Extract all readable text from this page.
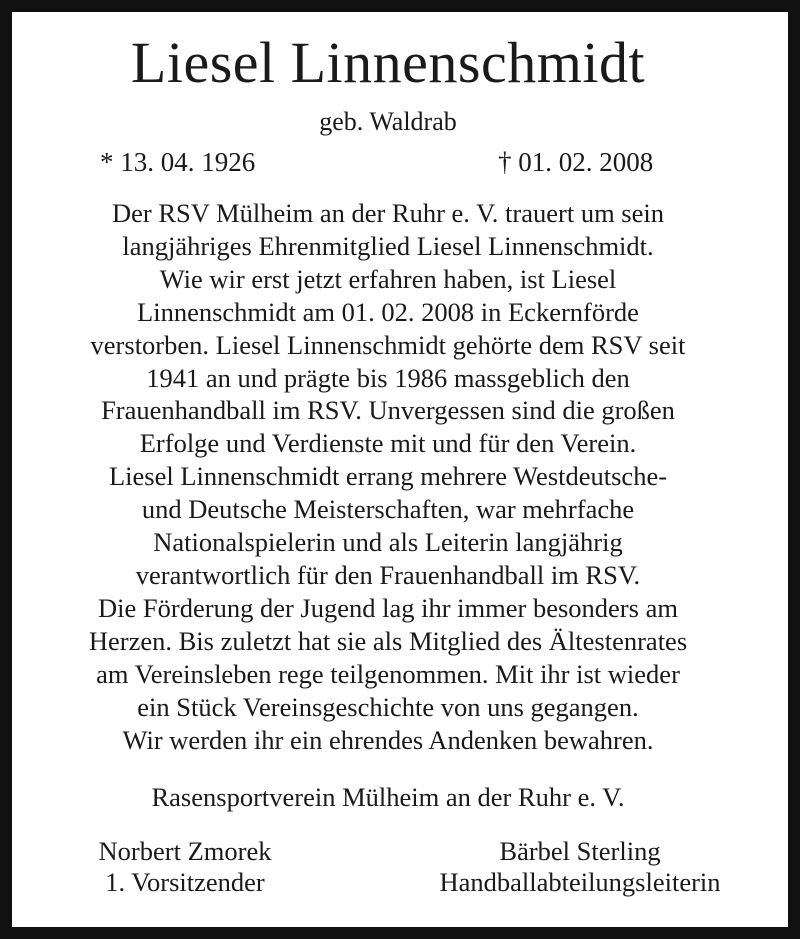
Liesel Linnenschmidt
geb. Waldrab
* 13. 04. 1926	† 01. 02. 2008
Der RSV Mülheim an der Ruhr e. V. trauert um sein
langjähriges Ehrenmitglied Liesel Linnenschmidt.
Wie wir erst jetzt erfahren haben, ist Liesel
Linnenschmidt am 01. 02. 2008 in Eckernförde
verstorben. Liesel Linnenschmidt gehörte dem RSV seit
1941 an und prägte bis 1986 massgeblich den
Frauenhandball im RSV. Unvergessen sind die großen
Erfolge und Verdienste mit und für den Verein.
Liesel Linnenschmidt errang mehrere Westdeutsche-
und Deutsche Meisterschaften, war mehrfache
Nationalspielerin und als Leiterin langjährig
verantwortlich für den Frauenhandball im RSV.
Die Förderung der Jugend lag ihr immer besonders am
Herzen. Bis zuletzt hat sie als Mitglied des Ältestenrates
am Vereinsleben rege teilgenommen. Mit ihr ist wieder
ein Stück Vereinsgeschichte von uns gegangen.
Wir werden ihr ein ehrendes Andenken bewahren.
Rasensportverein Mülheim an der Ruhr e. V.
Norbert Zmorek
1. Vorsitzender
Bärbel Sterling
Handballabteilungsleiterin
